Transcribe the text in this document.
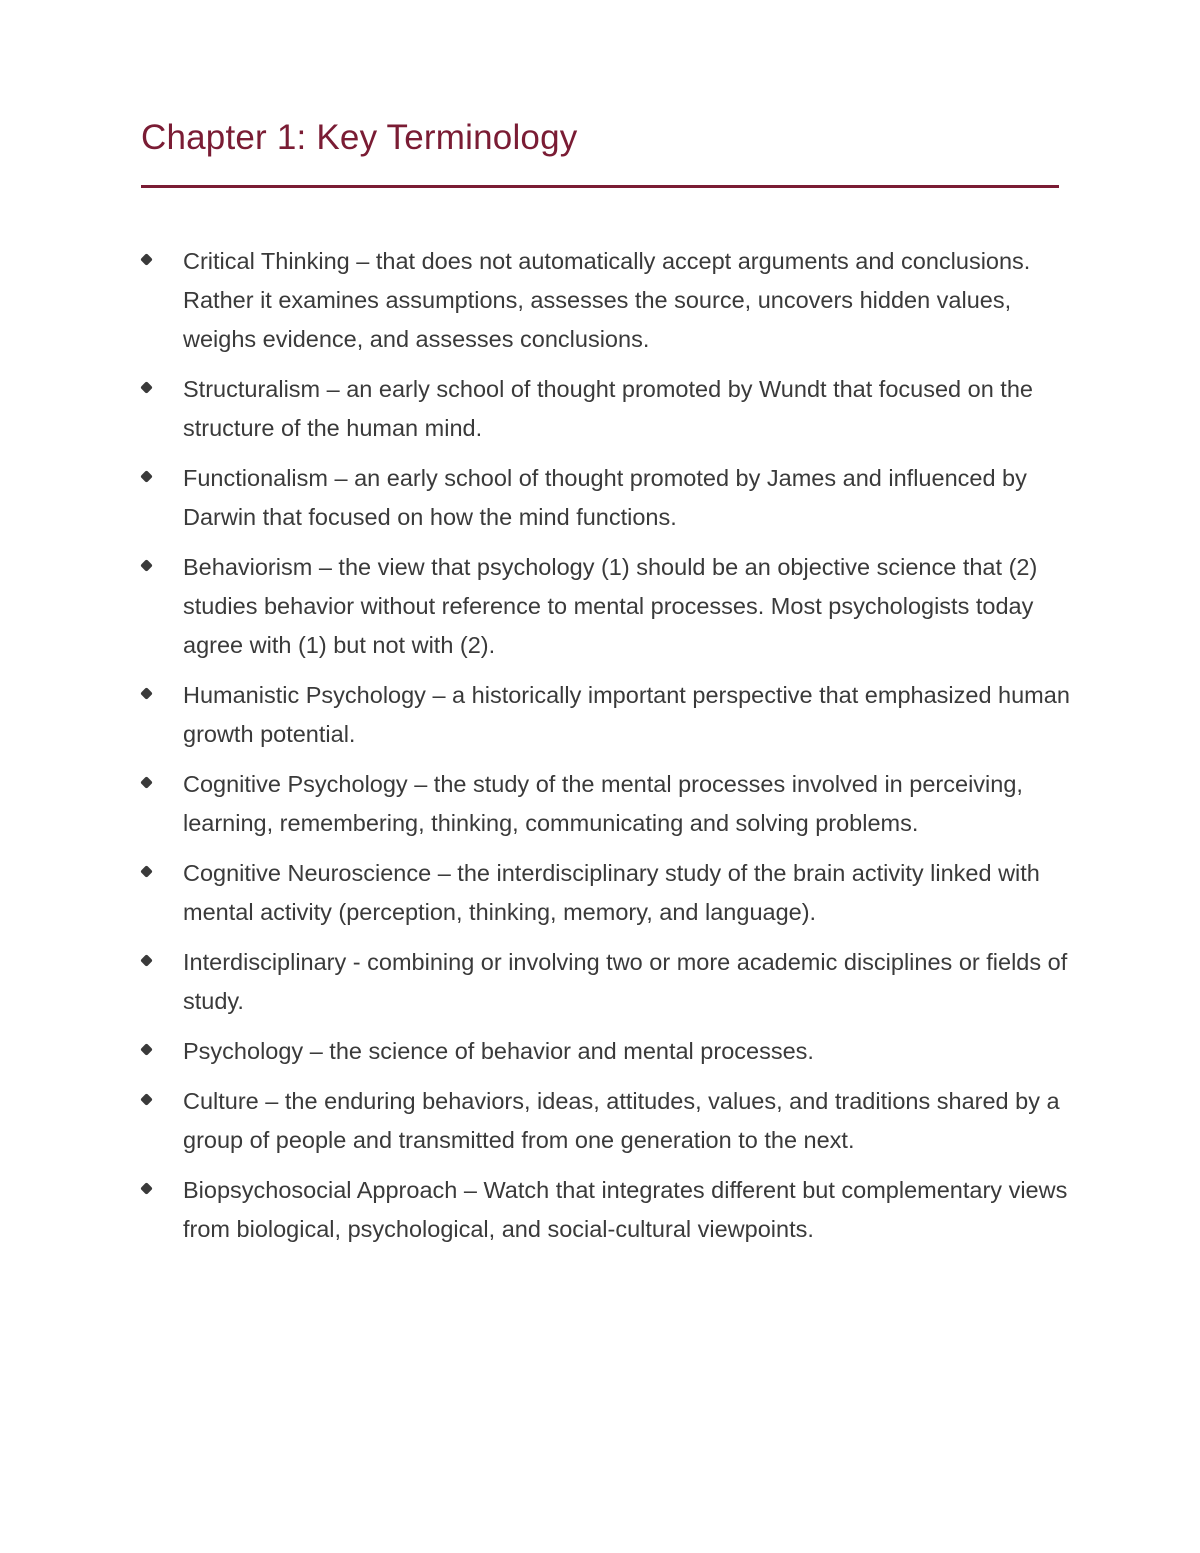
Chapter 1: Key Terminology
Critical Thinking – that does not automatically accept arguments and conclusions. Rather it examines assumptions, assesses the source, uncovers hidden values, weighs evidence, and assesses conclusions.
Structuralism – an early school of thought promoted by Wundt that focused on the structure of the human mind.
Functionalism – an early school of thought promoted by James and influenced by Darwin that focused on how the mind functions.
Behaviorism – the view that psychology (1) should be an objective science that (2) studies behavior without reference to mental processes. Most psychologists today agree with (1) but not with (2).
Humanistic Psychology – a historically important perspective that emphasized human growth potential.
Cognitive Psychology – the study of the mental processes involved in perceiving, learning, remembering, thinking, communicating and solving problems.
Cognitive Neuroscience – the interdisciplinary study of the brain activity linked with mental activity (perception, thinking, memory, and language).
Interdisciplinary - combining or involving two or more academic disciplines or fields of study.
Psychology – the science of behavior and mental processes.
Culture – the enduring behaviors, ideas, attitudes, values, and traditions shared by a group of people and transmitted from one generation to the next.
Biopsychosocial Approach – Watch that integrates different but complementary views from biological, psychological, and social-cultural viewpoints.
